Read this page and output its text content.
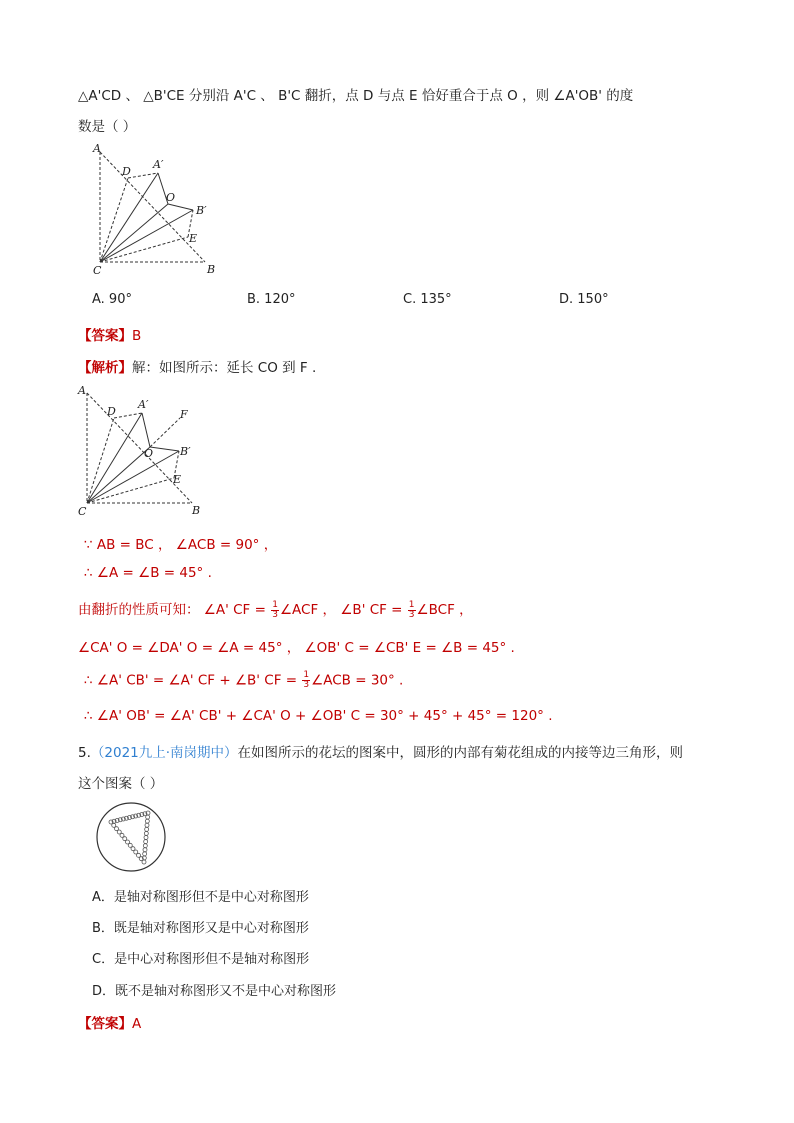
△A'CD 、 △B'CE 分别沿 A'C 、 B'C 翻折，点 D 与点 E 恰好重合于点 O ，则 ∠A'OB' 的度
数是（ ）
A
D
A′
O
B′
E
C	B
A. 90°	B. 120°	C. 135°	D. 150°
【答案】B
【解析】解：如图所示：延长 CO 到 F .
A
D
A′
F
O B′
E
C	B
∵ AB = BC ， ∠ACB = 90° ，
∴ ∠A = ∠B = 45° .
由翻折的性质可知： ∠A' CF = $\frac{1}{3}$ ∠ACF ， ∠B' CF = $\frac{1}{3}$ ∠BCF ，
∠CA' O = ∠DA' O = ∠A = 45° ， ∠OB' C = ∠CB' E = ∠B = 45° .
∴ ∠A' CB' = ∠A' CF + ∠B' CF = $\frac{1}{3}$ ∠ACB = 30° .
∴ ∠A' OB' = ∠A' CB' + ∠CA' O + ∠OB' C = 30° + 45° + 45° = 120° .
5.（2021九上·南岗期中）在如图所示的花坛的图案中，圆形的内部有菊花组成的内接等边三角形，则
这个图案（ ）
A．是轴对称图形但不是中心对称图形
B．既是轴对称图形又是中心对称图形
C．是中心对称图形但不是轴对称图形
D．既不是轴对称图形又不是中心对称图形
【答案】A
